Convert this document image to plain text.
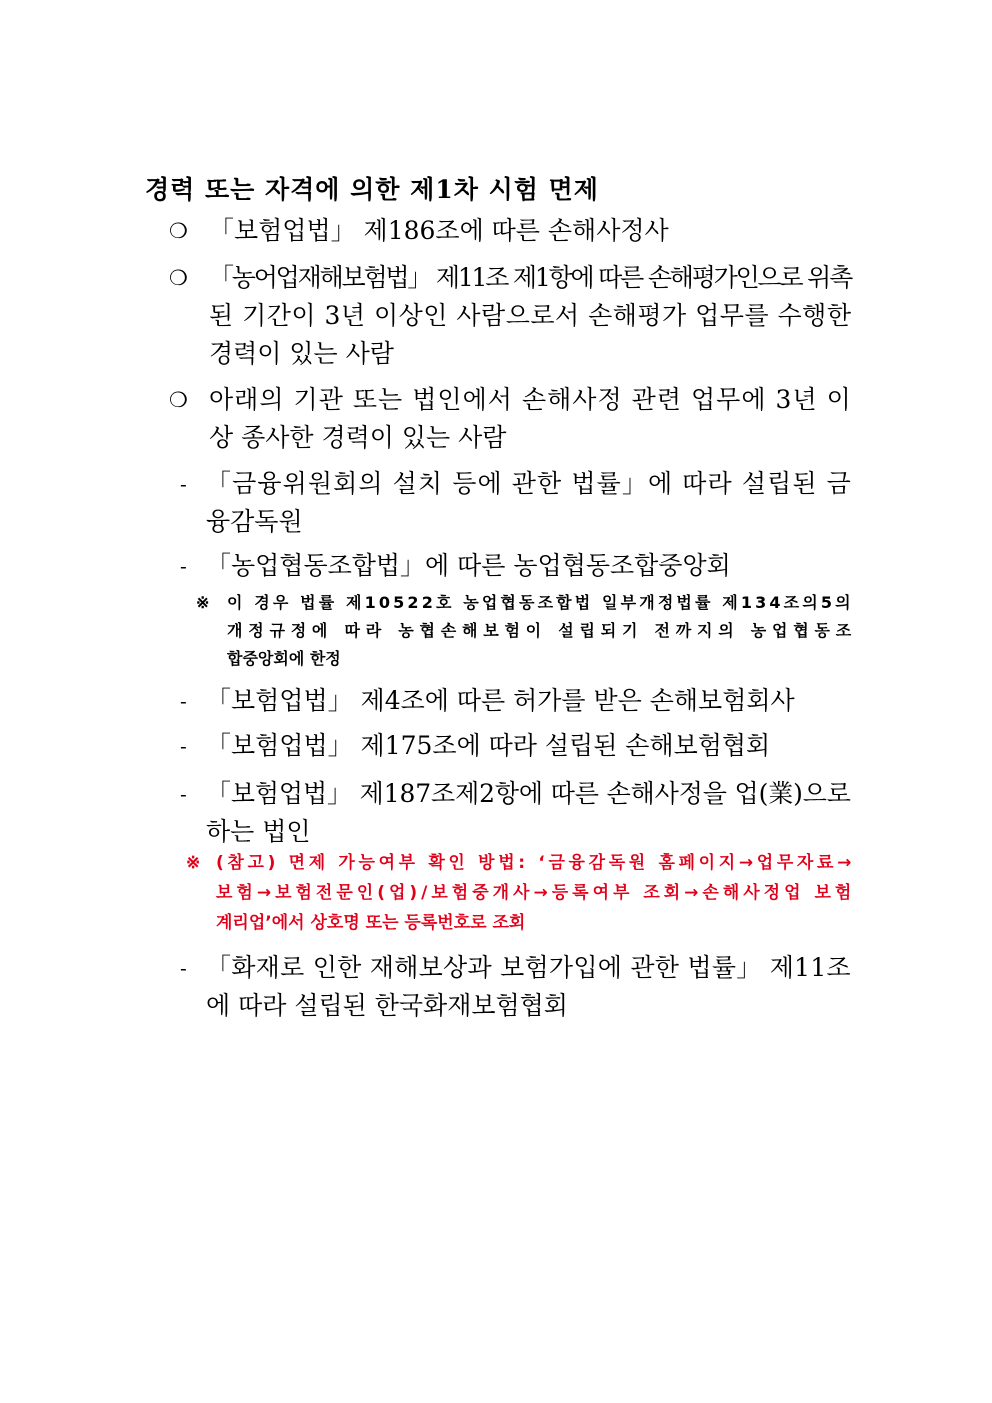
경력 또는 자격에 의한 제1차 시험 면제
❍ 「보험업법」 제186조에 따른 손해사정사
❍ 「농어업재해보험법」 제11조 제1항에 따른 손해평가인으로 위촉
된 기간이 3년 이상인 사람으로서 손해평가 업무를 수행한
경력이 있는 사람
❍ 아래의 기관 또는 법인에서 손해사정 관련 업무에 3년 이
상 종사한 경력이 있는 사람
- 「금융위원회의 설치 등에 관한 법률」에 따라 설립된 금
융감독원
- 「농업협동조합법」에 따른 농업협동조합중앙회
※ 이 경우 법률 제10522호 농업협동조합법 일부개정법률 제134조의5의
개정규정에 따라 농협손해보험이 설립되기 전까지의 농업협동조
합중앙회에 한정
- 「보험업법」 제4조에 따른 허가를 받은 손해보험회사
- 「보험업법」 제175조에 따라 설립된 손해보험협회
- 「보험업법」 제187조제2항에 따른 손해사정을 업(業)으로
하는 법인
※ (참고) 면제 가능여부 확인 방법: ‘금융감독원 홈페이지→업무자료→
보험→보험전문인(업)/보험중개사→등록여부 조회→손해사정업 보험
계리업’에서 상호명 또는 등록번호로 조회
- 「화재로 인한 재해보상과 보험가입에 관한 법률」 제11조
에 따라 설립된 한국화재보험협회
